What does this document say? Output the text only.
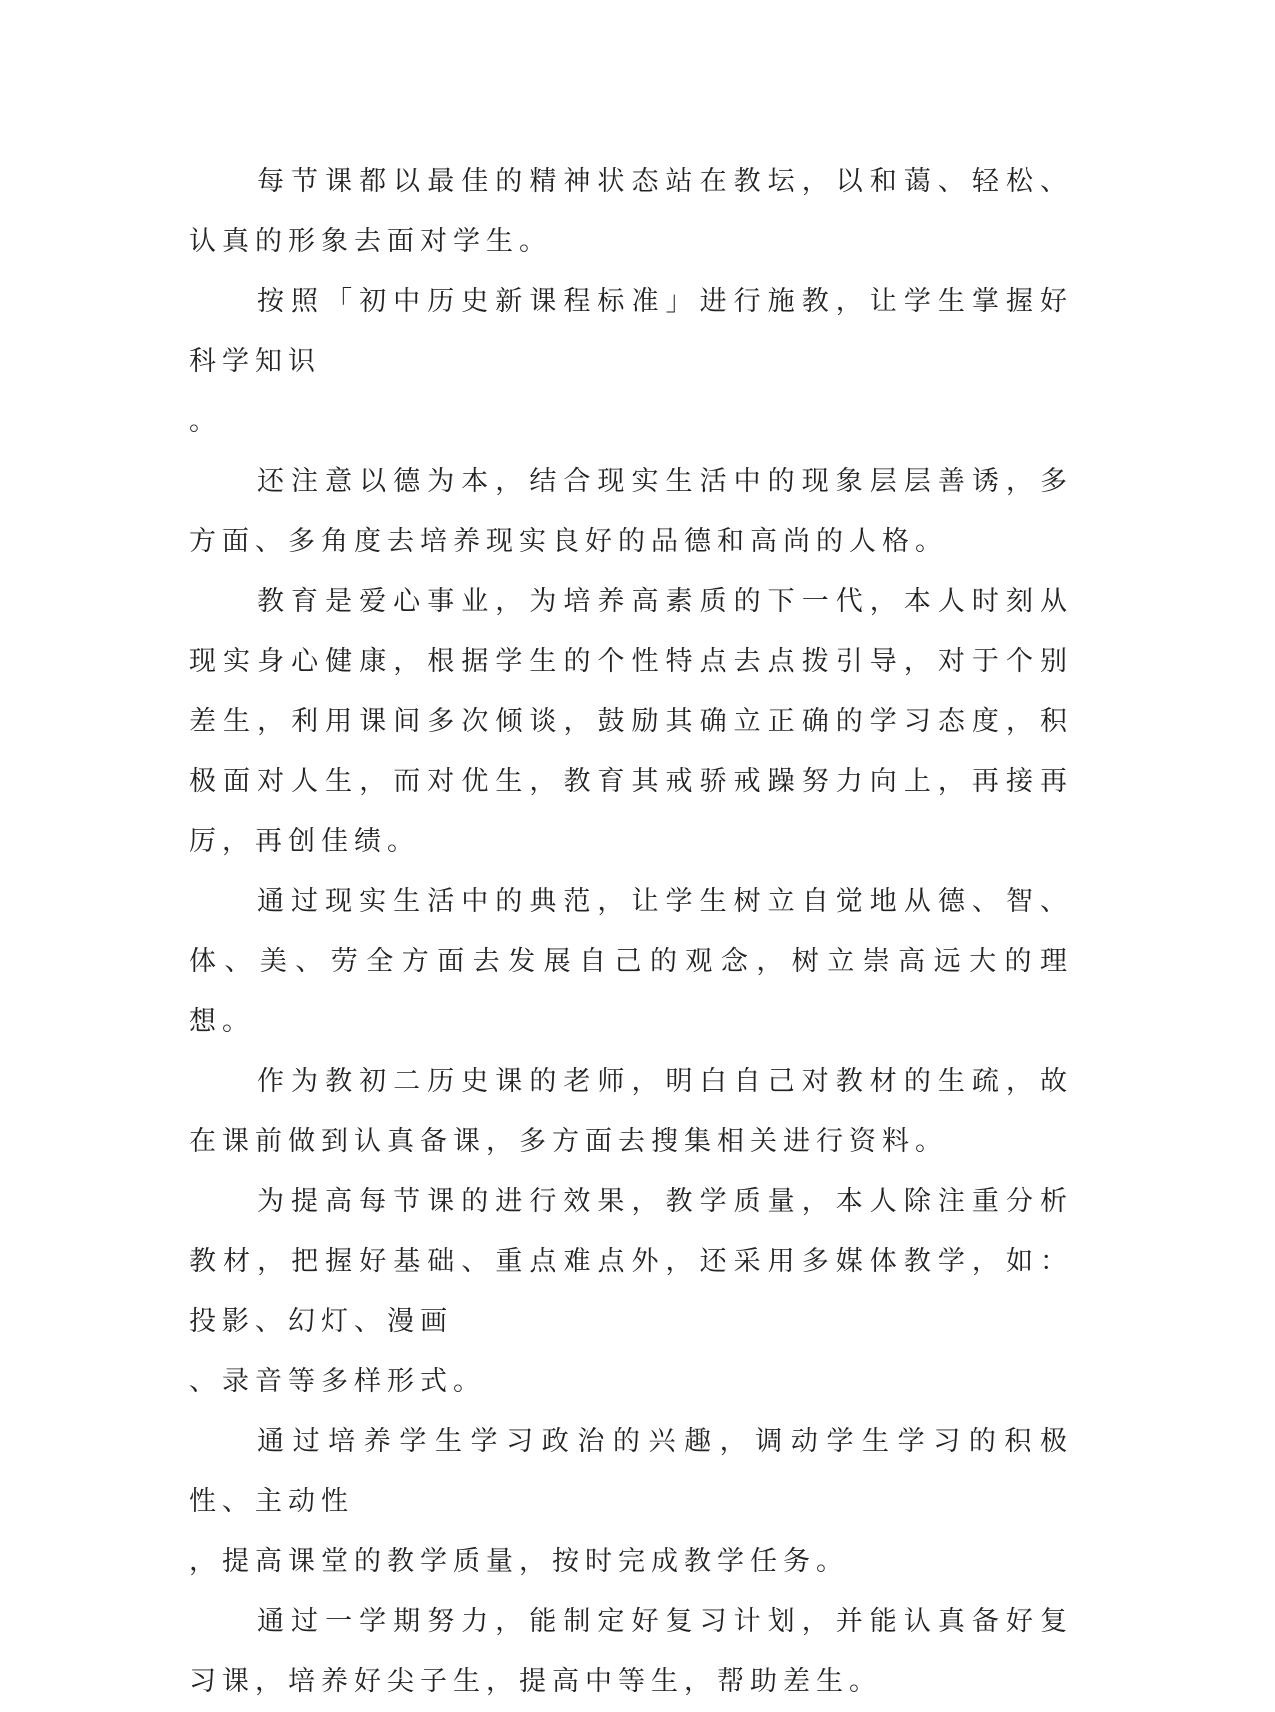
每节课都以最佳的精神状态站在教坛，以和蔼、轻松、认真的形象去面对学生。

按照「初中历史新课程标准」进行施教，让学生掌握好科学知识
。

还注意以德为本，结合现实生活中的现象层层善诱，多方面、多角度去培养现实良好的品德和高尚的人格。

教育是爱心事业，为培养高素质的下一代，本人时刻从现实身心健康，根据学生的个性特点去点拨引导，对于个别差生，利用课间多次倾谈，鼓励其确立正确的学习态度，积极面对人生，而对优生，教育其戒骄戒躁努力向上，再接再厉，再创佳绩。

通过现实生活中的典范，让学生树立自觉地从德、智、体、美、劳全方面去发展自己的观念，树立崇高远大的理想。

作为教初二历史课的老师，明白自己对教材的生疏，故在课前做到认真备课，多方面去搜集相关进行资料。

为提高每节课的进行效果，教学质量，本人除注重分析教材，把握好基础、重点难点外，还采用多媒体教学，如：投影、幻灯、漫画
、录音等多样形式。

通过培养学生学习政治的兴趣，调动学生学习的积极性、主动性
，提高课堂的教学质量，按时完成教学任务。

通过一学期努力，能制定好复习计划，并能认真备好复习课，培养好尖子生，提高中等生，帮助差生。
